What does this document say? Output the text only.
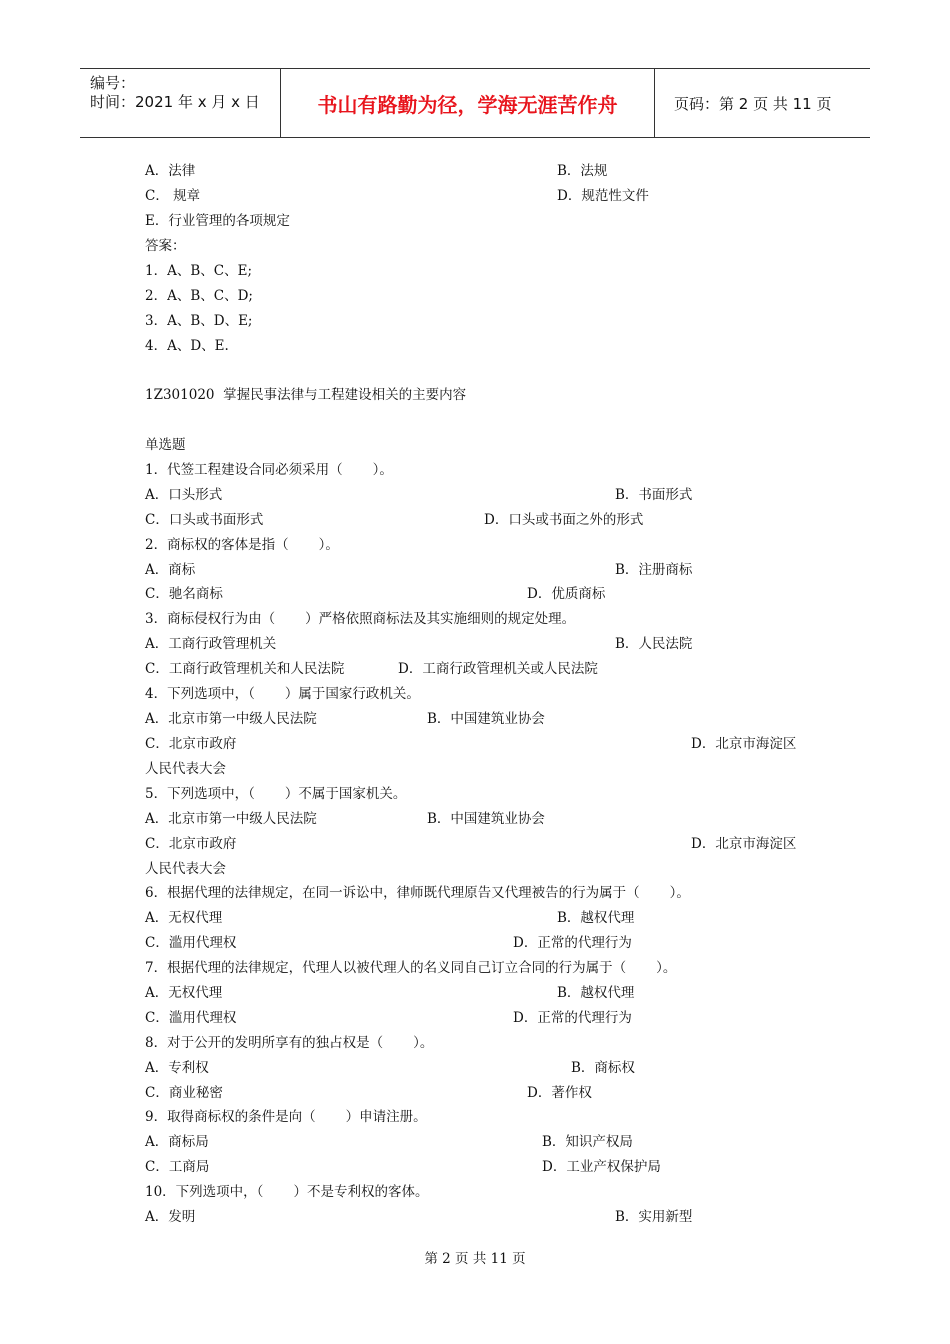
编号：
时间：2021 年 x 月 x 日	书山有路勤为径，学海无涯苦作舟	页码：第 2 页 共 11 页
A．法律	B．法规
C． 规章	D．规范性文件
E．行业管理的各项规定
答案：
1．A、B、C、E;
2．A、B、C、D;
3．A、B、D、E;
4．A、D、E.
1Z301020  掌握民事法律与工程建设相关的主要内容
单选题
1．代签工程建设合同必须采用（       ）。
A．口头形式	B．书面形式
C．口头或书面形式	D．口头或书面之外的形式
2．商标权的客体是指（       ）。
A．商标	B．注册商标
C．驰名商标	D．优质商标
3．商标侵权行为由（       ）严格依照商标法及其实施细则的规定处理。
A．工商行政管理机关	B．人民法院
C．工商行政管理机关和人民法院	D．工商行政管理机关或人民法院
4．下列选项中，（       ）属于国家行政机关。
A．北京市第一中级人民法院	B．中国建筑业协会
C．北京市政府	D．北京市海淀区
人民代表大会
5．下列选项中，（       ）不属于国家机关。
A．北京市第一中级人民法院	B．中国建筑业协会
C．北京市政府	D．北京市海淀区
人民代表大会
6．根据代理的法律规定，在同一诉讼中，律师既代理原告又代理被告的行为属于（       ）。
A．无权代理	B．越权代理
C．滥用代理权	D．正常的代理行为
7．根据代理的法律规定，代理人以被代理人的名义同自己订立合同的行为属于（       ）。
A．无权代理	B．越权代理
C．滥用代理权	D．正常的代理行为
8．对于公开的发明所享有的独占权是（       ）。
A．专利权	B．商标权
C．商业秘密	D．著作权
9．取得商标权的条件是向（       ）申请注册。
A．商标局	B．知识产权局
C．工商局	D．工业产权保护局
10．下列选项中，（       ）不是专利权的客体。
A．发明	B．实用新型
第 2 页 共 11 页
